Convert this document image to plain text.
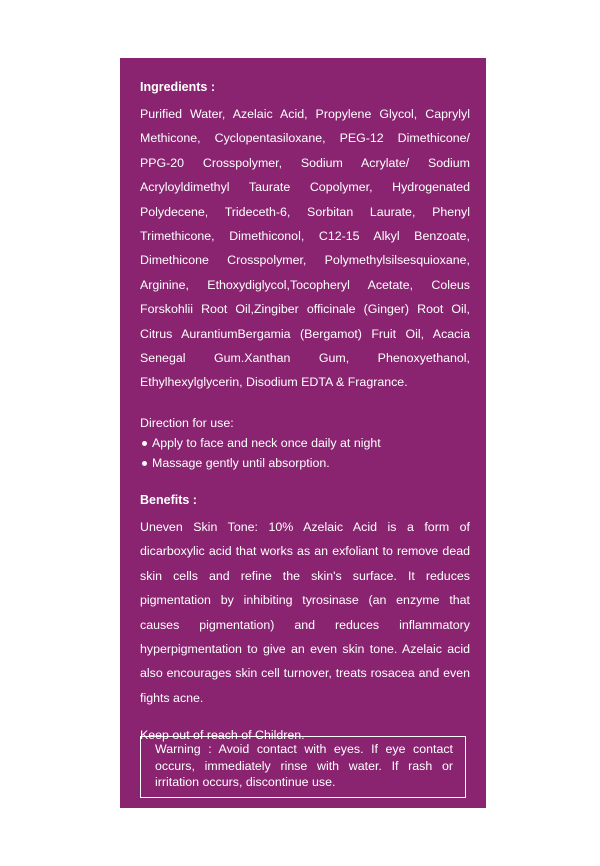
Ingredients :

Purified Water, Azelaic Acid, Propylene Glycol, Caprylyl Methicone, Cyclopentasiloxane, PEG-12 Dimethicone/ PPG-20 Crosspolymer, Sodium Acrylate/ Sodium Acryloyldimethyl Taurate Copolymer, Hydrogenated Polydecene, Trideceth-6, Sorbitan Laurate, Phenyl Trimethicone, Dimethiconol, C12-15 Alkyl Benzoate, Dimethicone Crosspolymer, Polymethylsilsesquioxane, Arginine, Ethoxydiglycol,Tocopheryl Acetate, Coleus Forskohlii Root Oil,Zingiber officinale (Ginger) Root Oil, Citrus AurantiumBergamia (Bergamot) Fruit Oil, Acacia Senegal Gum.Xanthan Gum, Phenoxyethanol, Ethylhexylglycerin, Disodium EDTA & Fragrance.

Direction for use:
Apply to face and neck once daily at night
Massage gently until absorption.
Benefits :

Uneven Skin Tone: 10% Azelaic Acid is a form of dicarboxylic acid that works as an exfoliant to remove dead skin cells and refine the skin's surface. It reduces pigmentation by inhibiting tyrosinase (an enzyme that causes pigmentation) and reduces inflammatory hyperpigmentation to give an even skin tone. Azelaic acid also encourages skin cell turnover, treats rosacea and even fights acne.

Keep out of reach of Children.

Warning : Avoid contact with eyes. If eye contact occurs, immediately rinse with water. If rash or irritation occurs, discontinue use.
